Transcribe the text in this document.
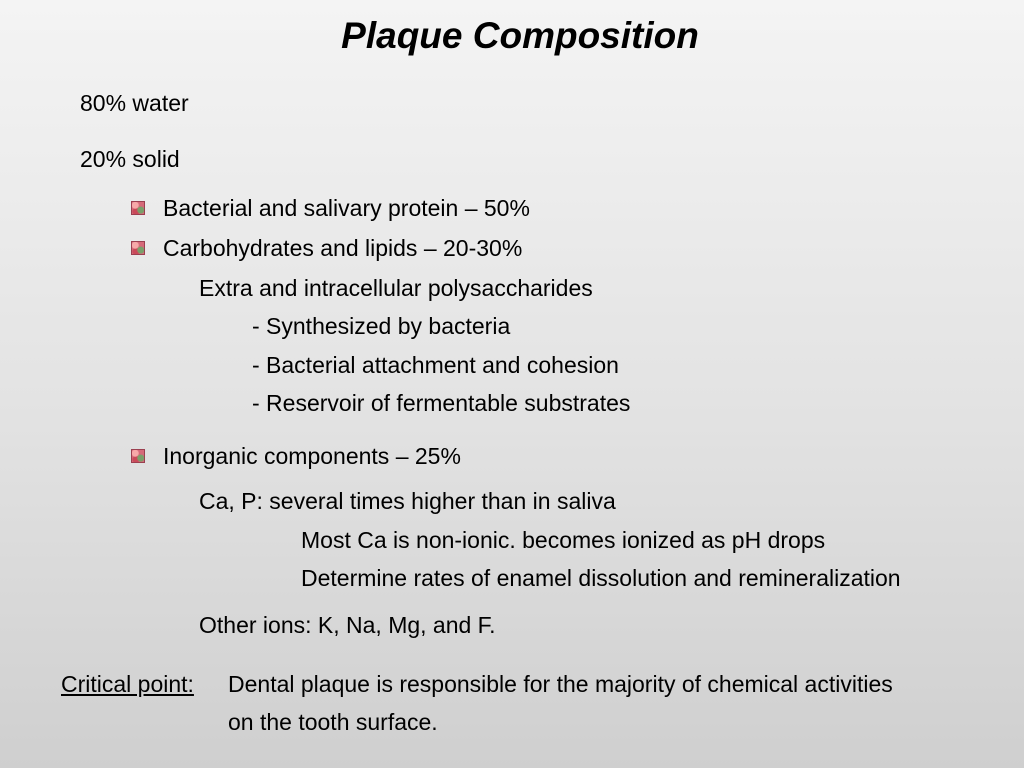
Plaque Composition
80% water
20% solid
Bacterial and salivary protein – 50%
Carbohydrates and lipids – 20-30%
Extra and intracellular polysaccharides
- Synthesized by bacteria
- Bacterial attachment and cohesion
- Reservoir of fermentable substrates
Inorganic components – 25%
Ca, P: several times higher than in saliva
Most Ca is non-ionic. becomes ionized as pH drops
Determine rates of enamel dissolution and remineralization
Other ions: K, Na, Mg, and F.
Critical point: Dental plaque is responsible for the majority of chemical activities
on the tooth surface.
